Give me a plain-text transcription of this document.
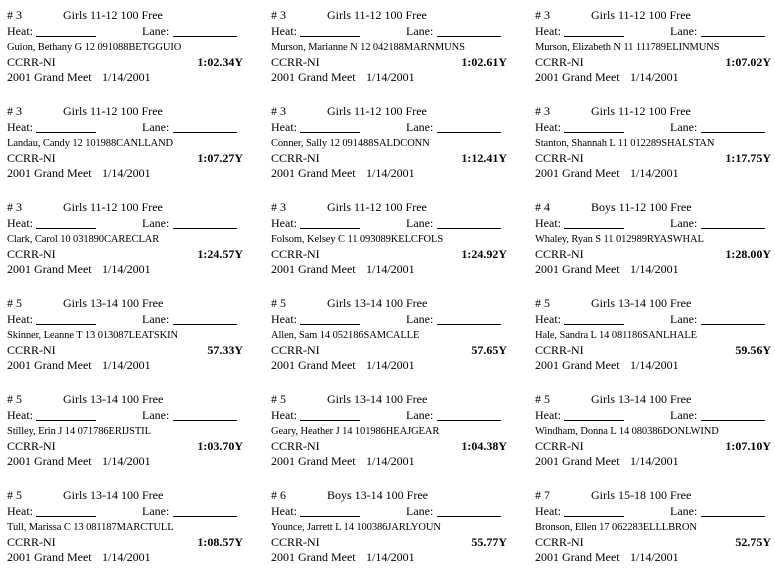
# 3	Girls 11-12 100 Free
Heat:	Lane:
Guion, Bethany G 12 091088BETGGUIO
CCRR-NI	1:02.34Y
2001 Grand Meet 1/14/2001
# 3	Girls 11-12 100 Free
Heat:	Lane:
Murson, Marianne N 12 042188MARNMUNS
CCRR-NI	1:02.61Y
2001 Grand Meet 1/14/2001
# 3	Girls 11-12 100 Free
Heat:	Lane:
Murson, Elizabeth N 11 111789ELINMUNS
CCRR-NI	1:07.02Y
2001 Grand Meet 1/14/2001
# 3	Girls 11-12 100 Free
Heat:	Lane:
Landau, Candy 12 101988CANLLAND
CCRR-NI	1:07.27Y
2001 Grand Meet 1/14/2001
# 3	Girls 11-12 100 Free
Heat:	Lane:
Conner, Sally 12 091488SALDCONN
CCRR-NI	1:12.41Y
2001 Grand Meet 1/14/2001
# 3	Girls 11-12 100 Free
Heat:	Lane:
Stanton, Shannah L 11 012289SHALSTAN
CCRR-NI	1:17.75Y
2001 Grand Meet 1/14/2001
# 3	Girls 11-12 100 Free
Heat:	Lane:
Clark, Carol 10 031890CARECLAR
CCRR-NI	1:24.57Y
2001 Grand Meet 1/14/2001
# 3	Girls 11-12 100 Free
Heat:	Lane:
Folsom, Kelsey C 11 093089KELCFOLS
CCRR-NI	1:24.92Y
2001 Grand Meet 1/14/2001
# 4	Boys 11-12 100 Free
Heat:	Lane:
Whaley, Ryan S 11 012989RYASWHAL
CCRR-NI	1:28.00Y
2001 Grand Meet 1/14/2001
# 5	Girls 13-14 100 Free
Heat:	Lane:
Skinner, Leanne T 13 013087LEATSKIN
CCRR-NI	57.33Y
2001 Grand Meet 1/14/2001
# 5	Girls 13-14 100 Free
Heat:	Lane:
Allen, Sam 14 052186SAMCALLE
CCRR-NI	57.65Y
2001 Grand Meet 1/14/2001
# 5	Girls 13-14 100 Free
Heat:	Lane:
Hale, Sandra L 14 081186SANLHALE
CCRR-NI	59.56Y
2001 Grand Meet 1/14/2001
# 5	Girls 13-14 100 Free
Heat:	Lane:
Stilley, Erin J 14 071786ERIJSTIL
CCRR-NI	1:03.70Y
2001 Grand Meet 1/14/2001
# 5	Girls 13-14 100 Free
Heat:	Lane:
Geary, Heather J 14 101986HEAJGEAR
CCRR-NI	1:04.38Y
2001 Grand Meet 1/14/2001
# 5	Girls 13-14 100 Free
Heat:	Lane:
Windham, Donna L 14 080386DONLWIND
CCRR-NI	1:07.10Y
2001 Grand Meet 1/14/2001
# 5	Girls 13-14 100 Free
Heat:	Lane:
Tull, Marissa C 13 081187MARCTULL
CCRR-NI	1:08.57Y
2001 Grand Meet 1/14/2001
# 6	Boys 13-14 100 Free
Heat:	Lane:
Younce, Jarrett L 14 100386JARLYOUN
CCRR-NI	55.77Y
2001 Grand Meet 1/14/2001
# 7	Girls 15-18 100 Free
Heat:	Lane:
Bronson, Ellen 17 062283ELLLBRON
CCRR-NI	52.75Y
2001 Grand Meet 1/14/2001
